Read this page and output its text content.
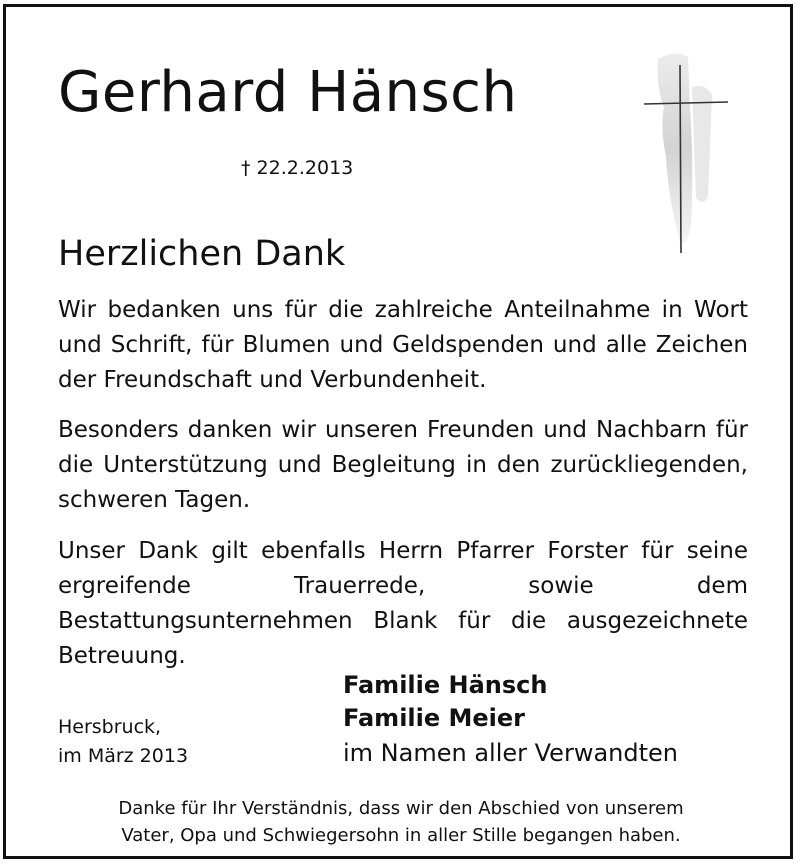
Gerhard Hänsch
† 22.2.2013
Herzlichen Dank

Wir bedanken uns für die zahlreiche Anteilnahme in Wort und Schrift, für Blumen und Geldspenden und alle Zeichen der Freundschaft und Verbundenheit.

Besonders danken wir unseren Freunden und Nachbarn für die Unterstützung und Begleitung in den zurückliegenden, schweren Tagen.

Unser Dank gilt ebenfalls Herrn Pfarrer Forster für seine ergreifende Trauerrede, sowie dem Bestattungsunternehmen Blank für die ausgezeichnete Betreuung.

Hersbruck,
im März 2013
Familie Hänsch
Familie Meier
im Namen aller Verwandten
Danke für Ihr Verständnis, dass wir den Abschied von unserem
Vater, Opa und Schwiegersohn in aller Stille begangen haben.
